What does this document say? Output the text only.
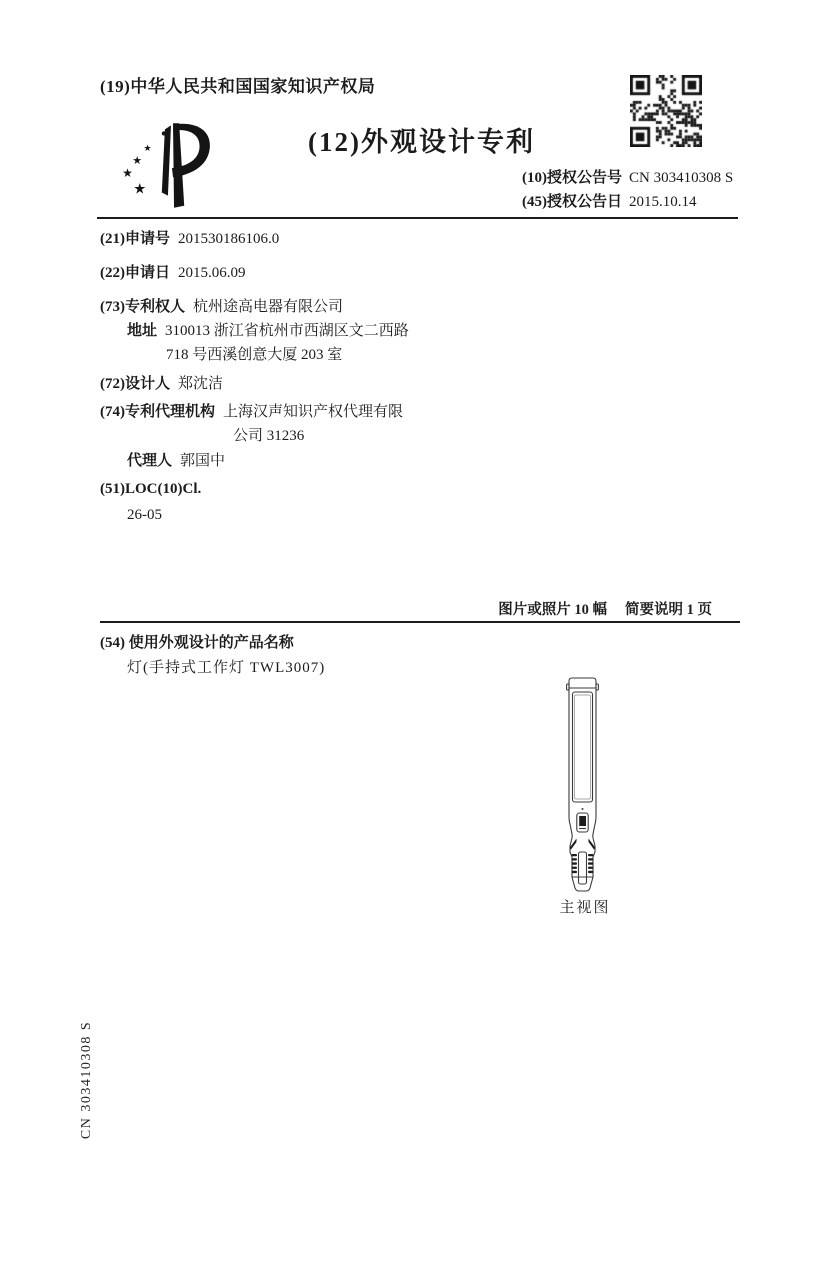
(19)中华人民共和国国家知识产权局
★
★
★
★
(12)外观设计专利
(10)授权公告号 CN 303410308 S
(45)授权公告日 2015.10.14
(21)申请号 201530186106.0
(22)申请日 2015.06.09
(73)专利权人 杭州途高电器有限公司
地址 310013 浙江省杭州市西湖区文二西路
718 号西溪创意大厦 203 室
(72)设计人 郑沈洁
(74)专利代理机构 上海汉声知识产权代理有限
公司 31236
代理人 郭国中
(51)LOC(10)Cl.
26-05
图片或照片 10 幅 简要说明 1 页
(54) 使用外观设计的产品名称
灯(手持式工作灯 TWL3007)
主视图
CN 303410308 S
